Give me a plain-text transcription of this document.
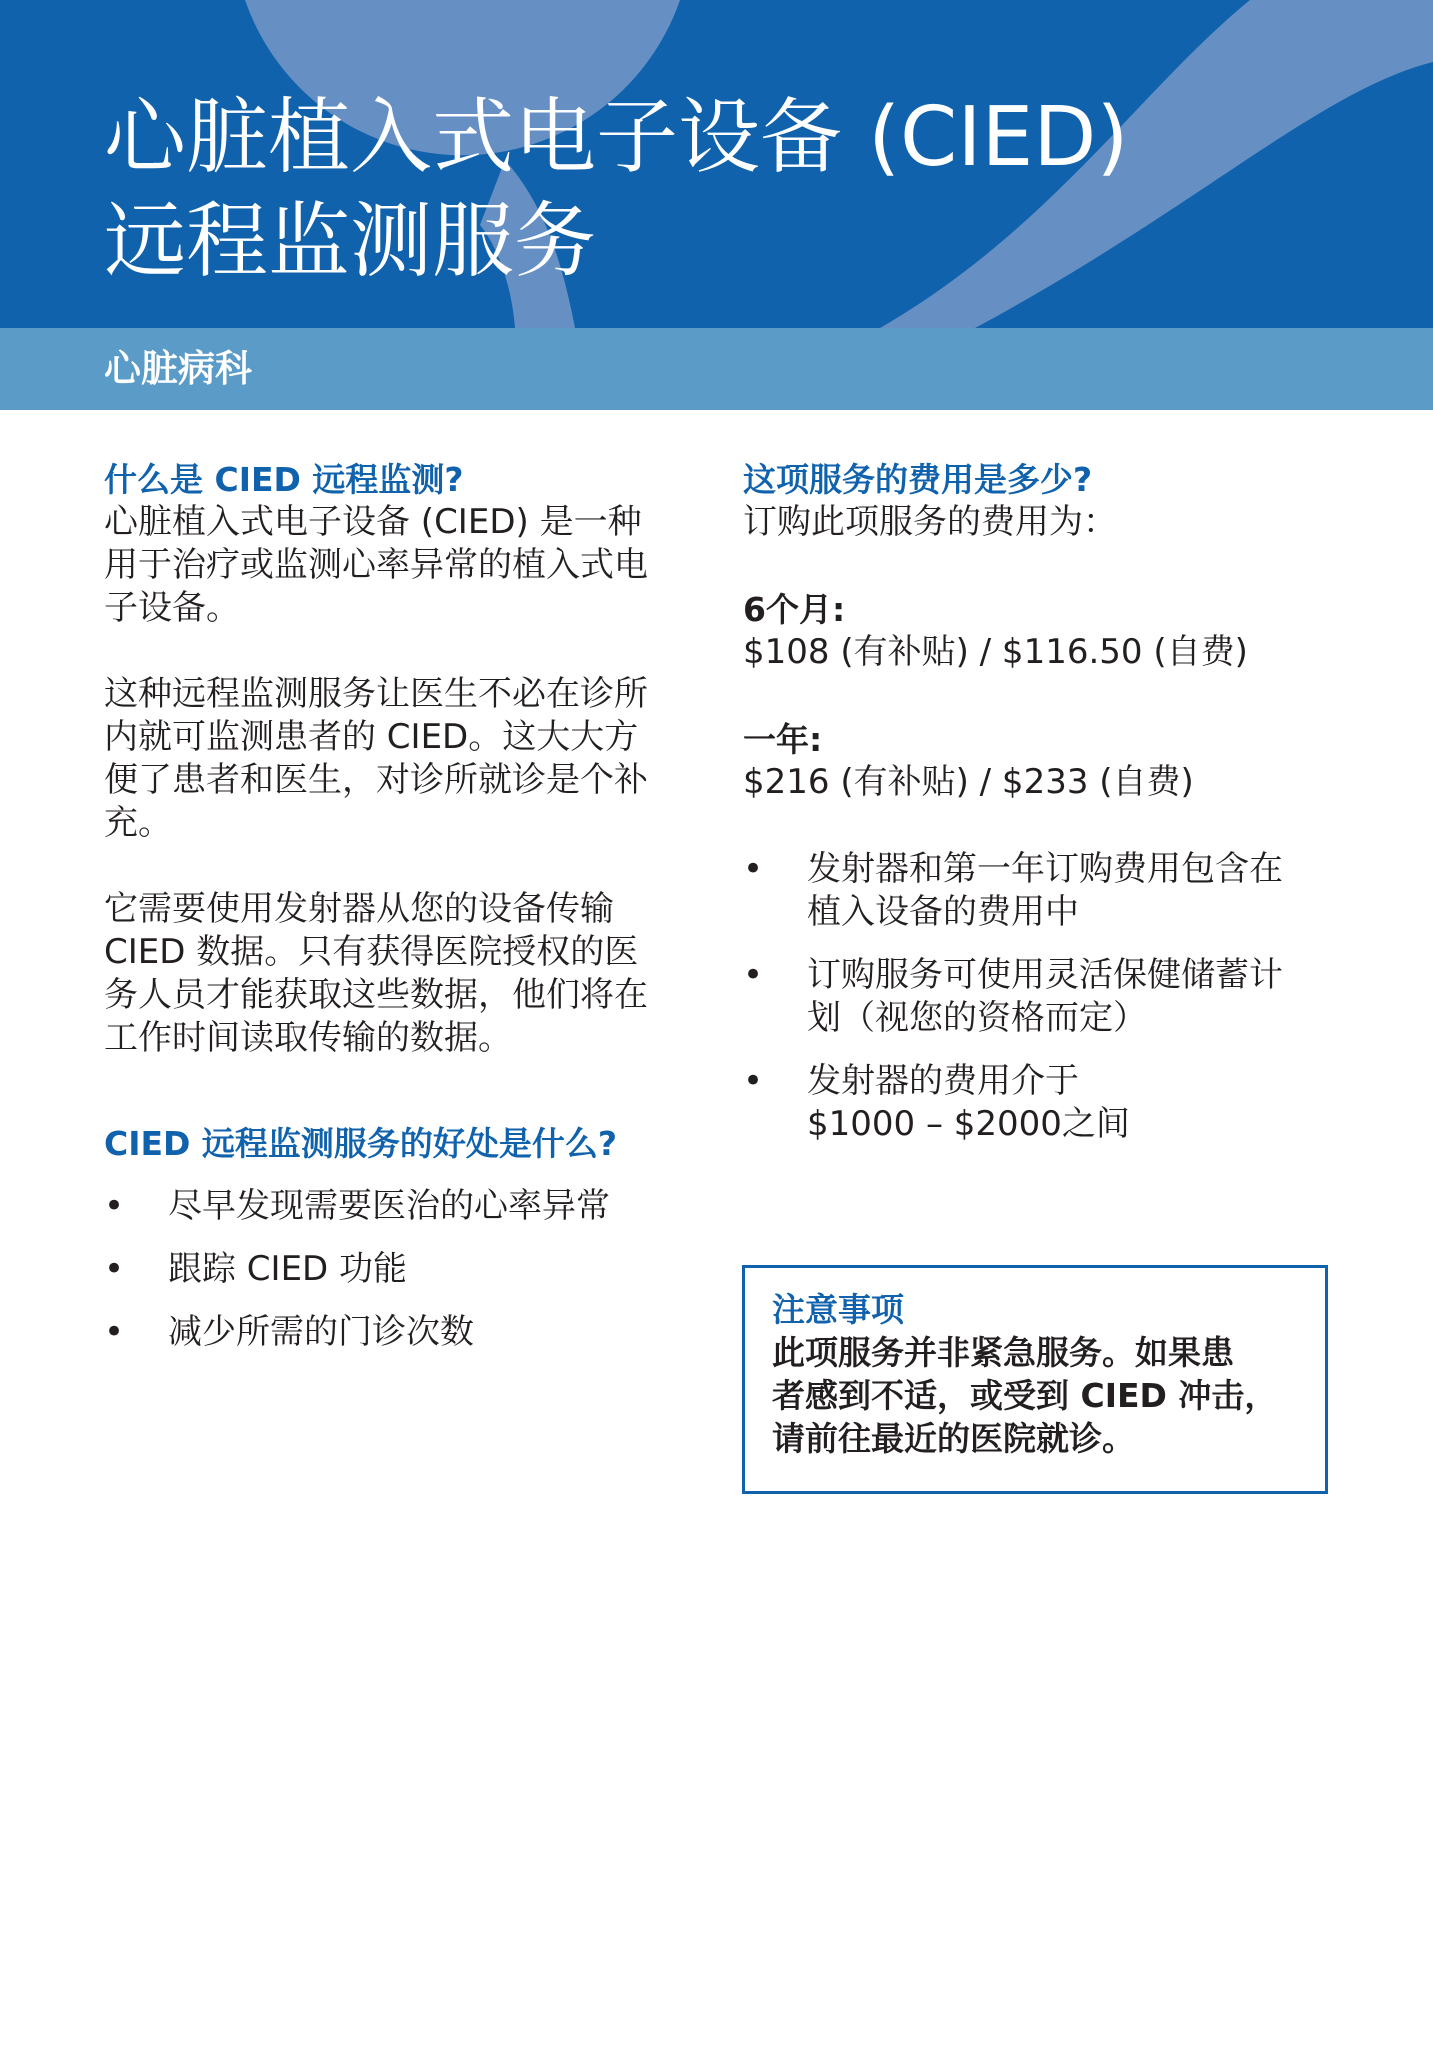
心脏植入式电子设备 (CIED)
远程监测服务
心脏病科
什么是 CIED 远程监测?
心脏植入式电子设备 (CIED) 是一种
用于治疗或监测心率异常的植入式电
子设备。
这种远程监测服务让医生不必在诊所
内就可监测患者的 CIED。这大大方
便了患者和医生，对诊所就诊是个补
充。
它需要使用发射器从您的设备传输
CIED 数据。只有获得医院授权的医
务人员才能获取这些数据，他们将在
工作时间读取传输的数据。
CIED 远程监测服务的好处是什么?
• 尽早发现需要医治的心率异常
• 跟踪 CIED 功能
• 减少所需的门诊次数
这项服务的费用是多少?
订购此项服务的费用为：
6个月:
$108 (有补贴) / $116.50 (自费)
一年:
$216 (有补贴) / $233 (自费)
• 发射器和第一年订购费用包含在
植入设备的费用中
• 订购服务可使用灵活保健储蓄计
划（视您的资格而定）
• 发射器的费用介于
$1000 – $2000之间
注意事项
此项服务并非紧急服务。如果患
者感到不适，或受到 CIED 冲击，
请前往最近的医院就诊。
